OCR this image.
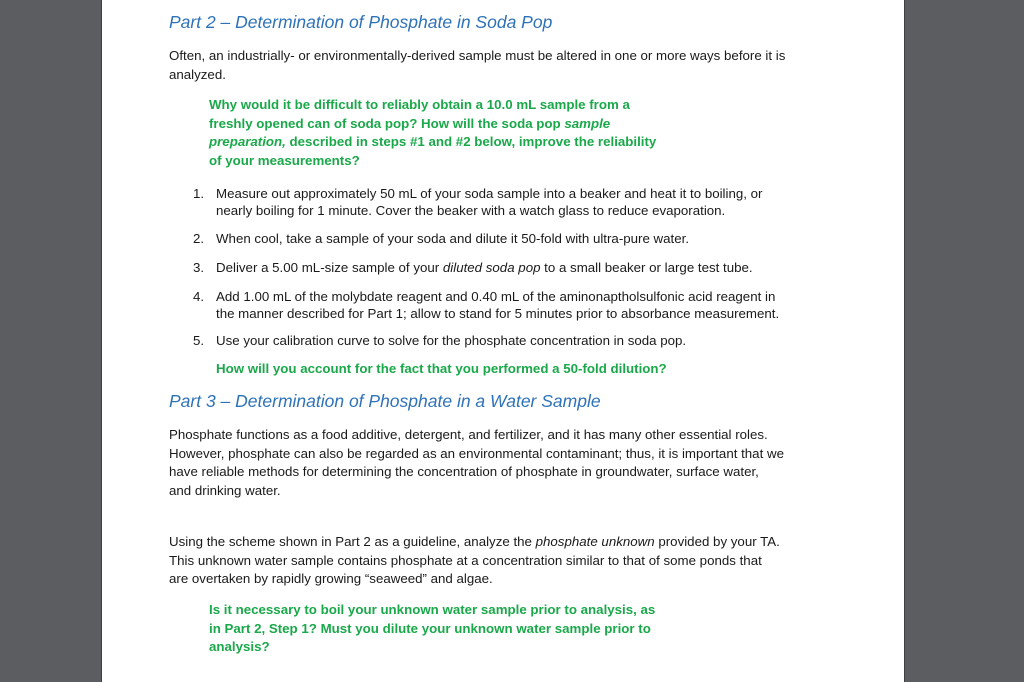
Part 2 – Determination of Phosphate in Soda Pop
Often, an industrially- or environmentally-derived sample must be altered in one or more ways before it is
analyzed.
Why would it be difficult to reliably obtain a 10.0 mL sample from a
freshly opened can of soda pop? How will the soda pop sample
preparation, described in steps #1 and #2 below, improve the reliability
of your measurements?
1. Measure out approximately 50 mL of your soda sample into a beaker and heat it to boiling, or
nearly boiling for 1 minute. Cover the beaker with a watch glass to reduce evaporation.
2. When cool, take a sample of your soda and dilute it 50-fold with ultra-pure water.
3. Deliver a 5.00 mL-size sample of your diluted soda pop to a small beaker or large test tube.
4. Add 1.00 mL of the molybdate reagent and 0.40 mL of the aminonaptholsulfonic acid reagent in
the manner described for Part 1; allow to stand for 5 minutes prior to absorbance measurement.
5. Use your calibration curve to solve for the phosphate concentration in soda pop.
How will you account for the fact that you performed a 50-fold dilution?
Part 3 – Determination of Phosphate in a Water Sample
Phosphate functions as a food additive, detergent, and fertilizer, and it has many other essential roles.
However, phosphate can also be regarded as an environmental contaminant; thus, it is important that we
have reliable methods for determining the concentration of phosphate in groundwater, surface water,
and drinking water.
Using the scheme shown in Part 2 as a guideline, analyze the phosphate unknown provided by your TA.
This unknown water sample contains phosphate at a concentration similar to that of some ponds that
are overtaken by rapidly growing “seaweed” and algae.
Is it necessary to boil your unknown water sample prior to analysis, as
in Part 2, Step 1? Must you dilute your unknown water sample prior to
analysis?
